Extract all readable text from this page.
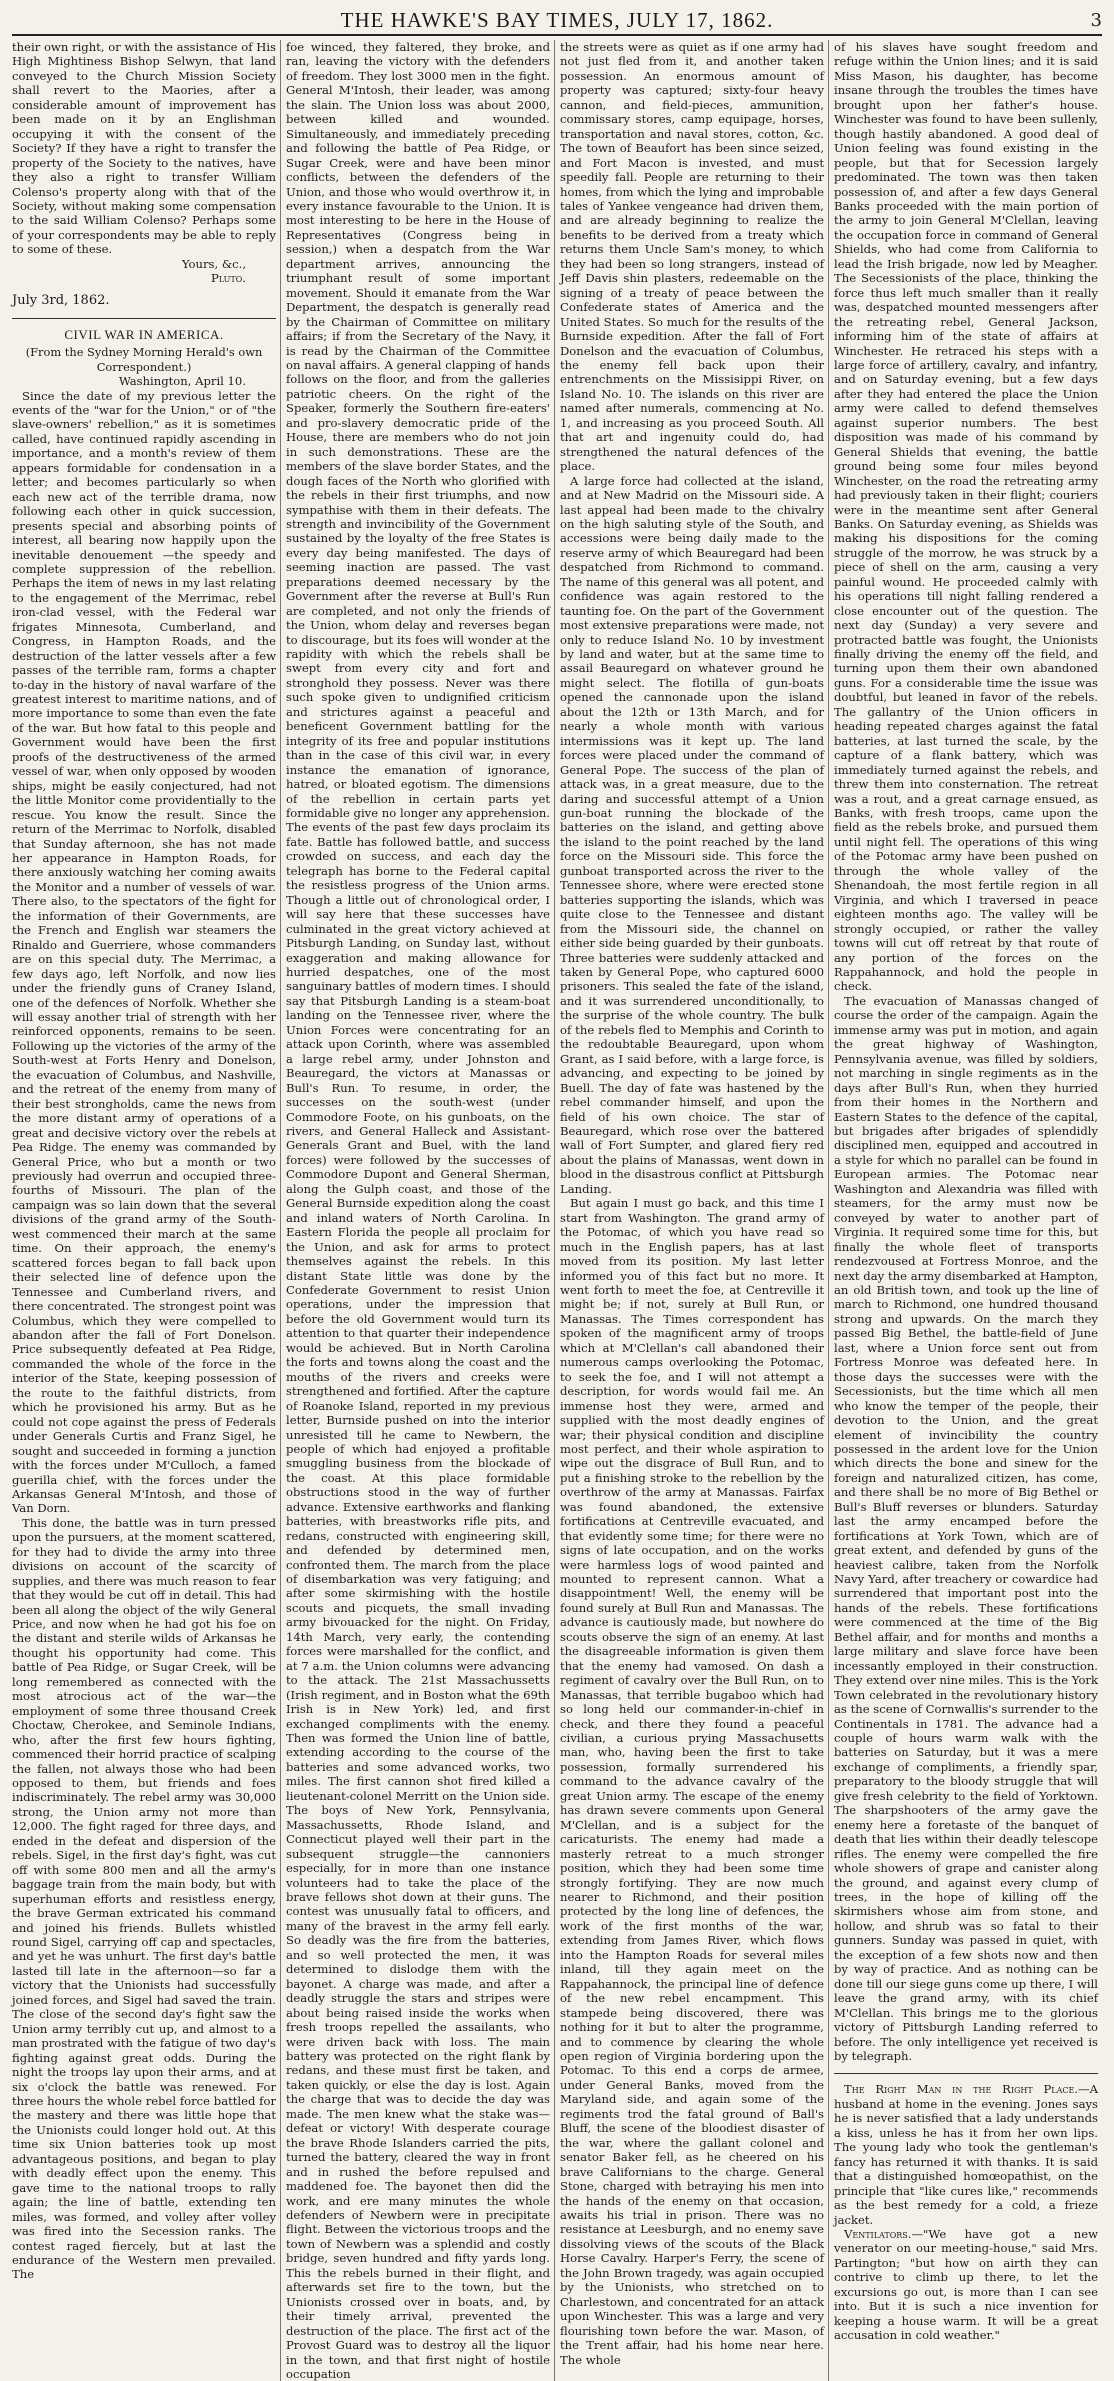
THE HAWKE'S BAY TIMES, JULY 17, 1862.	3

their own right, or with the assistance of His High Mightiness Bishop Selwyn, that land conveyed to the Church Mission Society shall revert to the Maories, after a considerable amount of improvement has been made on it by an Englishman occupying it with the consent of the Society? If they have a right to transfer the property of the Society to the natives, have they also a right to transfer William Colenso's property along with that of the Society, without making some compensation to the said William Colenso? Perhaps some of your correspondents may be able to reply to some of these.

Yours, &c.,

Pluto.

July 3rd, 1862.

CIVIL WAR IN AMERICA.

(From the Sydney Morning Herald's own Correspondent.)

Washington, April 10.

Since the date of my previous letter the events of the "war for the Union," or of "the slave-owners' rebellion," as it is sometimes called, have continued rapidly ascending in importance, and a month's review of them appears formidable for condensation in a letter; and becomes particularly so when each new act of the terrible drama, now following each other in quick succession, presents special and absorbing points of interest, all bearing now happily upon the inevitable denouement —the speedy and complete suppression of the rebellion. Perhaps the item of news in my last relating to the engagement of the Merrimac, rebel iron-clad vessel, with the Federal war frigates Minnesota, Cumberland, and Congress, in Hampton Roads, and the destruction of the latter vessels after a few passes of the terrible ram, forms a chapter to-day in the history of naval warfare of the greatest interest to maritime nations, and of more importance to some than even the fate of the war. But how fatal to this people and Government would have been the first proofs of the destructiveness of the armed vessel of war, when only opposed by wooden ships, might be easily conjectured, had not the little Monitor come providentially to the rescue. You know the result. Since the return of the Merrimac to Norfolk, disabled that Sunday afternoon, she has not made her appearance in Hampton Roads, for there anxiously watching her coming awaits the Monitor and a number of vessels of war. There also, to the spectators of the fight for the information of their Governments, are the French and English war steamers the Rinaldo and Guerriere, whose commanders are on this special duty. The Merrimac, a few days ago, left Norfolk, and now lies under the friendly guns of Craney Island, one of the defences of Norfolk. Whether she will essay another trial of strength with her reinforced opponents, remains to be seen. Following up the victories of the army of the South-west at Forts Henry and Donelson, the evacuation of Columbus, and Nashville, and the retreat of the enemy from many of their best strongholds, came the news from the more distant army of operations of a great and decisive victory over the rebels at Pea Ridge. The enemy was commanded by General Price, who but a month or two previously had overrun and occupied three-fourths of Missouri. The plan of the campaign was so lain down that the several divisions of the grand army of the South-west commenced their march at the same time. On their approach, the enemy's scattered forces began to fall back upon their selected line of defence upon the Tennessee and Cumberland rivers, and there concentrated. The strongest point was Columbus, which they were compelled to abandon after the fall of Fort Donelson. Price subsequently defeated at Pea Ridge, commanded the whole of the force in the interior of the State, keeping possession of the route to the faithful districts, from which he provisioned his army. But as he could not cope against the press of Federals under Generals Curtis and Franz Sigel, he sought and succeeded in forming a junction with the forces under M'Culloch, a famed guerilla chief, with the forces under the Arkansas General M'Intosh, and those of Van Dorn.

This done, the battle was in turn pressed upon the pursuers, at the moment scattered, for they had to divide the army into three divisions on account of the scarcity of supplies, and there was much reason to fear that they would be cut off in detail. This had been all along the object of the wily General Price, and now when he had got his foe on the distant and sterile wilds of Arkansas he thought his opportunity had come. This battle of Pea Ridge, or Sugar Creek, will be long remembered as connected with the most atrocious act of the war—the employment of some three thousand Creek Choctaw, Cherokee, and Seminole Indians, who, after the first few hours fighting, commenced their horrid practice of scalping the fallen, not always those who had been opposed to them, but friends and foes indiscriminately. The rebel army was 30,000 strong, the Union army not more than 12,000. The fight raged for three days, and ended in the defeat and dispersion of the rebels. Sigel, in the first day's fight, was cut off with some 800 men and all the army's baggage train from the main body, but with superhuman efforts and resistless energy, the brave German extricated his command and joined his friends. Bullets whistled round Sigel, carrying off cap and spectacles, and yet he was unhurt. The first day's battle lasted till late in the afternoon—so far a victory that the Unionists had successfully joined forces, and Sigel had saved the train. The close of the second day's fight saw the Union army terribly cut up, and almost to a man prostrated with the fatigue of two day's fighting against great odds. During the night the troops lay upon their arms, and at six o'clock the battle was renewed. For three hours the whole rebel force battled for the mastery and there was little hope that the Unionists could longer hold out. At this time six Union batteries took up most advantageous positions, and began to play with deadly effect upon the enemy. This gave time to the national troops to rally again; the line of battle, extending ten miles, was formed, and volley after volley was fired into the Secession ranks. The contest raged fiercely, but at last the endurance of the Western men prevailed. The

foe winced, they faltered, they broke, and ran, leaving the victory with the defenders of freedom. They lost 3000 men in the fight. General M'Intosh, their leader, was among the slain. The Union loss was about 2000, between killed and wounded. Simultaneously, and immediately preceding and following the battle of Pea Ridge, or Sugar Creek, were and have been minor conflicts, between the defenders of the Union, and those who would overthrow it, in every instance favourable to the Union. It is most interesting to be here in the House of Representatives (Congress being in session,) when a despatch from the War department arrives, announcing the triumphant result of some important movement. Should it emanate from the War Department, the despatch is generally read by the Chairman of Committee on military affairs; if from the Secretary of the Navy, it is read by the Chairman of the Committee on naval affairs. A general clapping of hands follows on the floor, and from the galleries patriotic cheers. On the right of the Speaker, formerly the Southern fire-eaters' and pro-slavery democratic pride of the House, there are members who do not join in such demonstrations. These are the members of the slave border States, and the dough faces of the North who glorified with the rebels in their first triumphs, and now sympathise with them in their defeats. The strength and invincibility of the Government sustained by the loyalty of the free States is every day being manifested. The days of seeming inaction are passed. The vast preparations deemed necessary by the Government after the reverse at Bull's Run are completed, and not only the friends of the Union, whom delay and reverses began to discourage, but its foes will wonder at the rapidity with which the rebels shall be swept from every city and fort and stronghold they possess. Never was there such spoke given to undignified criticism and strictures against a peaceful and beneficent Government battling for the integrity of its free and popular institutions than in the case of this civil war, in every instance the emanation of ignorance, hatred, or bloated egotism. The dimensions of the rebellion in certain parts yet formidable give no longer any apprehension. The events of the past few days proclaim its fate. Battle has followed battle, and success crowded on success, and each day the telegraph has borne to the Federal capital the resistless progress of the Union arms. Though a little out of chronological order, I will say here that these successes have culminated in the great victory achieved at Pitsburgh Landing, on Sunday last, without exaggeration and making allowance for hurried despatches, one of the most sanguinary battles of modern times. I should say that Pitsburgh Landing is a steam-boat landing on the Tennessee river, where the Union Forces were concentrating for an attack upon Corinth, where was assembled a large rebel army, under Johnston and Beauregard, the victors at Manassas or Bull's Run. To resume, in order, the successes on the south-west (under Commodore Foote, on his gunboats, on the rivers, and General Halleck and Assistant-Generals Grant and Buel, with the land forces) were followed by the successes of Commodore Dupont and General Sherman, along the Gulph coast, and those of the General Burnside expedition along the coast and inland waters of North Carolina. In Eastern Florida the people all proclaim for the Union, and ask for arms to protect themselves against the rebels. In this distant State little was done by the Confederate Government to resist Union operations, under the impression that before the old Government would turn its attention to that quarter their independence would be achieved. But in North Carolina the forts and towns along the coast and the mouths of the rivers and creeks were strengthened and fortified. After the capture of Roanoke Island, reported in my previous letter, Burnside pushed on into the interior unresisted till he came to Newbern, the people of which had enjoyed a profitable smuggling business from the blockade of the coast. At this place formidable obstructions stood in the way of further advance. Extensive earthworks and flanking batteries, with breastworks rifle pits, and redans, constructed with engineering skill, and defended by determined men, confronted them. The march from the place of disembarkation was very fatiguing; and after some skirmishing with the hostile scouts and picquets, the small invading army bivouacked for the night. On Friday, 14th March, very early, the contending forces were marshalled for the conflict, and at 7 a.m. the Union columns were advancing to the attack. The 21st Massachussetts (Irish regiment, and in Boston what the 69th Irish is in New York) led, and first exchanged compliments with the enemy. Then was formed the Union line of battle, extending according to the course of the batteries and some advanced works, two miles. The first cannon shot fired killed a lieutenant-colonel Merritt on the Union side. The boys of New York, Pennsylvania, Massachussetts, Rhode Island, and Connecticut played well their part in the subsequent struggle—the cannoniers especially, for in more than one instance volunteers had to take the place of the brave fellows shot down at their guns. The contest was unusually fatal to officers, and many of the bravest in the army fell early. So deadly was the fire from the batteries, and so well protected the men, it was determined to dislodge them with the bayonet. A charge was made, and after a deadly struggle the stars and stripes were about being raised inside the works when fresh troops repelled the assailants, who were driven back with loss. The main battery was protected on the right flank by redans, and these must first be taken, and taken quickly, or else the day is lost. Again the charge that was to decide the day was made. The men knew what the stake was—defeat or victory! With desperate courage the brave Rhode Islanders carried the pits, turned the battery, cleared the way in front and in rushed the before repulsed and maddened foe. The bayonet then did the work, and ere many minutes the whole defenders of Newbern were in precipitate flight. Between the victorious troops and the town of Newbern was a splendid and costly bridge, seven hundred and fifty yards long. This the rebels burned in their flight, and afterwards set fire to the town, but the Unionists crossed over in boats, and, by their timely arrival, prevented the destruction of the place. The first act of the Provost Guard was to destroy all the liquor in the town, and that first night of hostile occupation

the streets were as quiet as if one army had not just fled from it, and another taken possession. An enormous amount of property was captured; sixty-four heavy cannon, and field-pieces, ammunition, commissary stores, camp equipage, horses, transportation and naval stores, cotton, &c. The town of Beaufort has been since seized, and Fort Macon is invested, and must speedily fall. People are returning to their homes, from which the lying and improbable tales of Yankee vengeance had driven them, and are already beginning to realize the benefits to be derived from a treaty which returns them Uncle Sam's money, to which they had been so long strangers, instead of Jeff Davis shin plasters, redeemable on the signing of a treaty of peace between the Confederate states of America and the United States. So much for the results of the Burnside expedition. After the fall of Fort Donelson and the evacuation of Columbus, the enemy fell back upon their entrenchments on the Missisippi River, on Island No. 10. The islands on this river are named after numerals, commencing at No. 1, and increasing as you proceed South. All that art and ingenuity could do, had strengthened the natural defences of the place.

A large force had collected at the island, and at New Madrid on the Missouri side. A last appeal had been made to the chivalry on the high saluting style of the South, and accessions were being daily made to the reserve army of which Beauregard had been despatched from Richmond to command. The name of this general was all potent, and confidence was again restored to the taunting foe. On the part of the Government most extensive preparations were made, not only to reduce Island No. 10 by investment by land and water, but at the same time to assail Beauregard on whatever ground he might select. The flotilla of gun-boats opened the cannonade upon the island about the 12th or 13th March, and for nearly a whole month with various intermissions was it kept up. The land forces were placed under the command of General Pope. The success of the plan of attack was, in a great measure, due to the daring and successful attempt of a Union gun-boat running the blockade of the batteries on the island, and getting above the island to the point reached by the land force on the Missouri side. This force the gunboat transported across the river to the Tennessee shore, where were erected stone batteries supporting the islands, which was quite close to the Tennessee and distant from the Missouri side, the channel on either side being guarded by their gunboats. Three batteries were suddenly attacked and taken by General Pope, who captured 6000 prisoners. This sealed the fate of the island, and it was surrendered unconditionally, to the surprise of the whole country. The bulk of the rebels fled to Memphis and Corinth to the redoubtable Beauregard, upon whom Grant, as I said before, with a large force, is advancing, and expecting to be joined by Buell. The day of fate was hastened by the rebel commander himself, and upon the field of his own choice. The star of Beauregard, which rose over the battered wall of Fort Sumpter, and glared fiery red about the plains of Manassas, went down in blood in the disastrous conflict at Pittsburgh Landing.

But again I must go back, and this time I start from Washington. The grand army of the Potomac, of which you have read so much in the English papers, has at last moved from its position. My last letter informed you of this fact but no more. It went forth to meet the foe, at Centreville it might be; if not, surely at Bull Run, or Manassas. The Times correspondent has spoken of the magnificent army of troops which at M'Clellan's call abandoned their numerous camps overlooking the Potomac, to seek the foe, and I will not attempt a description, for words would fail me. An immense host they were, armed and supplied with the most deadly engines of war; their physical condition and discipline most perfect, and their whole aspiration to wipe out the disgrace of Bull Run, and to put a finishing stroke to the rebellion by the overthrow of the army at Manassas. Fairfax was found abandoned, the extensive fortifications at Centreville evacuated, and that evidently some time; for there were no signs of late occupation, and on the works were harmless logs of wood painted and mounted to represent cannon. What a disappointment! Well, the enemy will be found surely at Bull Run and Manassas. The advance is cautiously made, but nowhere do scouts observe the sign of an enemy. At last the disagreeable information is given them that the enemy had vamosed. On dash a regiment of cavalry over the Bull Run, on to Manassas, that terrible bugaboo which had so long held our commander-in-chief in check, and there they found a peaceful civilian, a curious prying Massachusetts man, who, having been the first to take possession, formally surrendered his command to the advance cavalry of the great Union army. The escape of the enemy has drawn severe comments upon General M'Clellan, and is a subject for the caricaturists. The enemy had made a masterly retreat to a much stronger position, which they had been some time strongly fortifying. They are now much nearer to Richmond, and their position protected by the long line of defences, the work of the first months of the war, extending from James River, which flows into the Hampton Roads for several miles inland, till they again meet on the Rappahannock, the principal line of defence of the new rebel encampment. This stampede being discovered, there was nothing for it but to alter the programme, and to commence by clearing the whole open region of Virginia bordering upon the Potomac. To this end a corps de armee, under General Banks, moved from the Maryland side, and again some of the regiments trod the fatal ground of Ball's Bluff, the scene of the bloodiest disaster of the war, where the gallant colonel and senator Baker fell, as he cheered on his brave Californians to the charge. General Stone, charged with betraying his men into the hands of the enemy on that occasion, awaits his trial in prison. There was no resistance at Leesburgh, and no enemy save dissolving views of the scouts of the Black Horse Cavalry. Harper's Ferry, the scene of the John Brown tragedy, was again occupied by the Unionists, who stretched on to Charlestown, and concentrated for an attack upon Winchester. This was a large and very flourishing town before the war. Mason, of the Trent affair, had his home near here. The whole

of his slaves have sought freedom and refuge within the Union lines; and it is said Miss Mason, his daughter, has become insane through the troubles the times have brought upon her father's house. Winchester was found to have been sullenly, though hastily abandoned. A good deal of Union feeling was found existing in the people, but that for Secession largely predominated. The town was then taken possession of, and after a few days General Banks proceeded with the main portion of the army to join General M'Clellan, leaving the occupation force in command of General Shields, who had come from California to lead the Irish brigade, now led by Meagher. The Secessionists of the place, thinking the force thus left much smaller than it really was, despatched mounted messengers after the retreating rebel, General Jackson, informing him of the state of affairs at Winchester. He retraced his steps with a large force of artillery, cavalry, and infantry, and on Saturday evening, but a few days after they had entered the place the Union army were called to defend themselves against superior numbers. The best disposition was made of his command by General Shields that evening, the battle ground being some four miles beyond Winchester, on the road the retreating army had previously taken in their flight; couriers were in the meantime sent after General Banks. On Saturday evening, as Shields was making his dispositions for the coming struggle of the morrow, he was struck by a piece of shell on the arm, causing a very painful wound. He proceeded calmly with his operations till night falling rendered a close encounter out of the question. The next day (Sunday) a very severe and protracted battle was fought, the Unionists finally driving the enemy off the field, and turning upon them their own abandoned guns. For a considerable time the issue was doubtful, but leaned in favor of the rebels. The gallantry of the Union officers in heading repeated charges against the fatal batteries, at last turned the scale, by the capture of a flank battery, which was immediately turned against the rebels, and threw them into consternation. The retreat was a rout, and a great carnage ensued, as Banks, with fresh troops, came upon the field as the rebels broke, and pursued them until night fell. The operations of this wing of the Potomac army have been pushed on through the whole valley of the Shenandoah, the most fertile region in all Virginia, and which I traversed in peace eighteen months ago. The valley will be strongly occupied, or rather the valley towns will cut off retreat by that route of any portion of the forces on the Rappahannock, and hold the people in check.

The evacuation of Manassas changed of course the order of the campaign. Again the immense army was put in motion, and again the great highway of Washington, Pennsylvania avenue, was filled by soldiers, not marching in single regiments as in the days after Bull's Run, when they hurried from their homes in the Northern and Eastern States to the defence of the capital, but brigades after brigades of splendidly disciplined men, equipped and accoutred in a style for which no parallel can be found in European armies. The Potomac near Washington and Alexandria was filled with steamers, for the army must now be conveyed by water to another part of Virginia. It required some time for this, but finally the whole fleet of transports rendezvoused at Fortress Monroe, and the next day the army disembarked at Hampton, an old British town, and took up the line of march to Richmond, one hundred thousand strong and upwards. On the march they passed Big Bethel, the battle-field of June last, where a Union force sent out from Fortress Monroe was defeated here. In those days the successes were with the Secessionists, but the time which all men who know the temper of the people, their devotion to the Union, and the great element of invincibility the country possessed in the ardent love for the Union which directs the bone and sinew for the foreign and naturalized citizen, has come, and there shall be no more of Big Bethel or Bull's Bluff reverses or blunders. Saturday last the army encamped before the fortifications at York Town, which are of great extent, and defended by guns of the heaviest calibre, taken from the Norfolk Navy Yard, after treachery or cowardice had surrendered that important post into the hands of the rebels. These fortifications were commenced at the time of the Big Bethel affair, and for months and months a large military and slave force have been incessantly employed in their construction. They extend over nine miles. This is the York Town celebrated in the revolutionary history as the scene of Cornwallis's surrender to the Continentals in 1781. The advance had a couple of hours warm walk with the batteries on Saturday, but it was a mere exchange of compliments, a friendly spar, preparatory to the bloody struggle that will give fresh celebrity to the field of Yorktown. The sharpshooters of the army gave the enemy here a foretaste of the banquet of death that lies within their deadly telescope rifles. The enemy were compelled the fire whole showers of grape and canister along the ground, and against every clump of trees, in the hope of killing off the skirmishers whose aim from stone, and hollow, and shrub was so fatal to their gunners. Sunday was passed in quiet, with the exception of a few shots now and then by way of practice. And as nothing can be done till our siege guns come up there, I will leave the grand army, with its chief M'Clellan. This brings me to the glorious victory of Pittsburgh Landing referred to before. The only intelligence yet received is by telegraph.

The Right Man in the Right Place.—A husband at home in the evening. Jones says he is never satisfied that a lady understands a kiss, unless he has it from her own lips. The young lady who took the gentleman's fancy has returned it with thanks. It is said that a distinguished homœopathist, on the principle that "like cures like," recommends as the best remedy for a cold, a frieze jacket.

Ventilators.—"We have got a new venerator on our meeting-house," said Mrs. Partington; "but how on airth they can contrive to climb up there, to let the excursions go out, is more than I can see into. But it is such a nice invention for keeping a house warm. It will be a great accusation in cold weather."
